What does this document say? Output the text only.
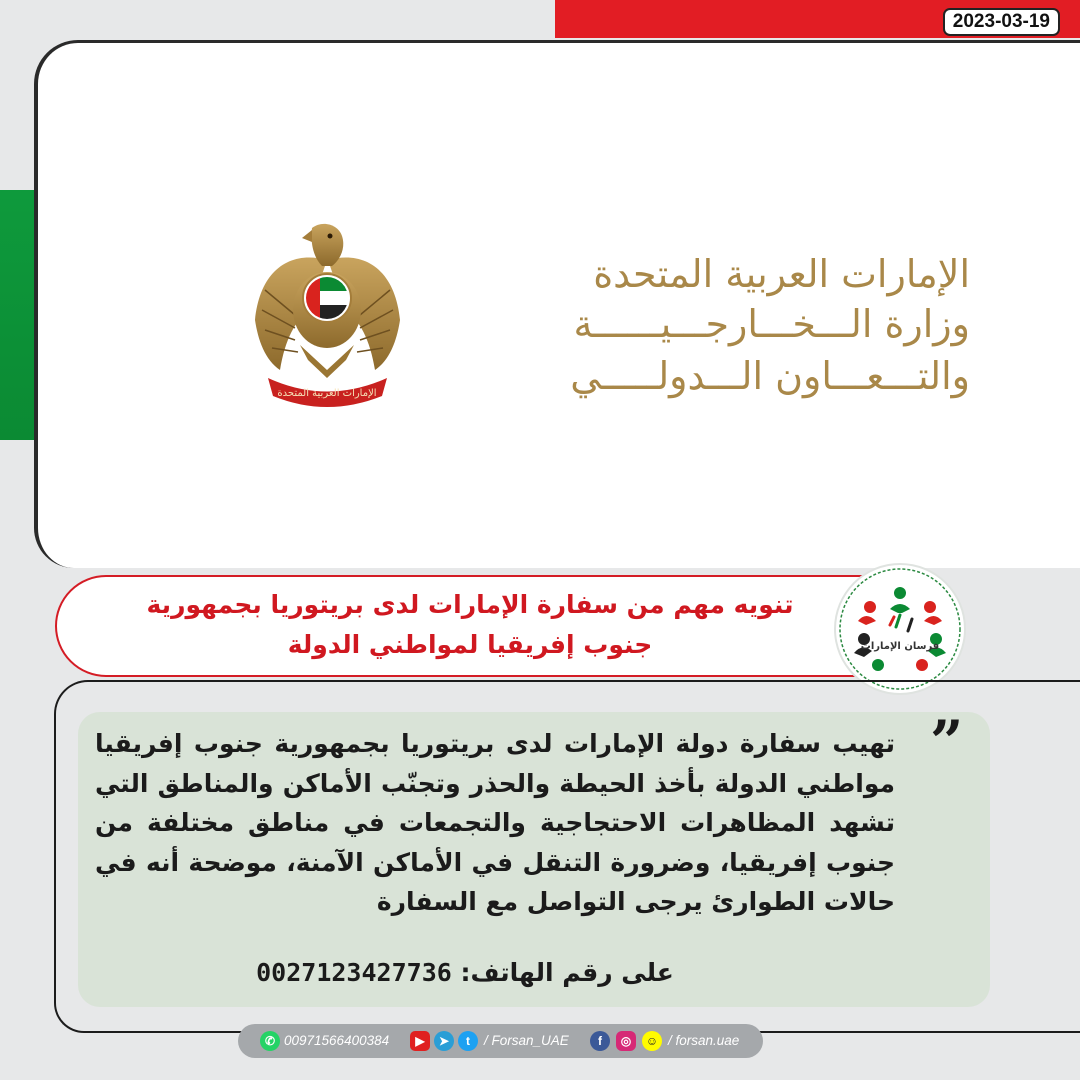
2023-03-19
الإمارات العربية المتحدة
الإمارات العربية المتحدة
وزارة الـــخـــارجـــيــــــة
والتـــعـــاون الـــدولـــــي
تنويه مهم من سفارة الإمارات لدى بريتوريا بجمهورية
جنوب إفريقيا لمواطني الدولة	فرسان الإمارات
”
تهيب سفارة دولة الإمارات لدى بريتوريا بجمهورية جنوب إفريقيا مواطني الدولة بأخذ الحيطة والحذر وتجنّب الأماكن والمناطق التي تشهد المظاهرات الاحتجاجية والتجمعات في مناطق مختلفة من جنوب إفريقيا، وضرورة التنقل في الأماكن الآمنة، موضحة أنه في حالات الطوارئ يرجى التواصل مع السفارة
على رقم الهاتف: 0027123427736
✆ 00971566400384	▶	➤	t	/ Forsan_UAE	f	◎	☺ / forsan.uae
